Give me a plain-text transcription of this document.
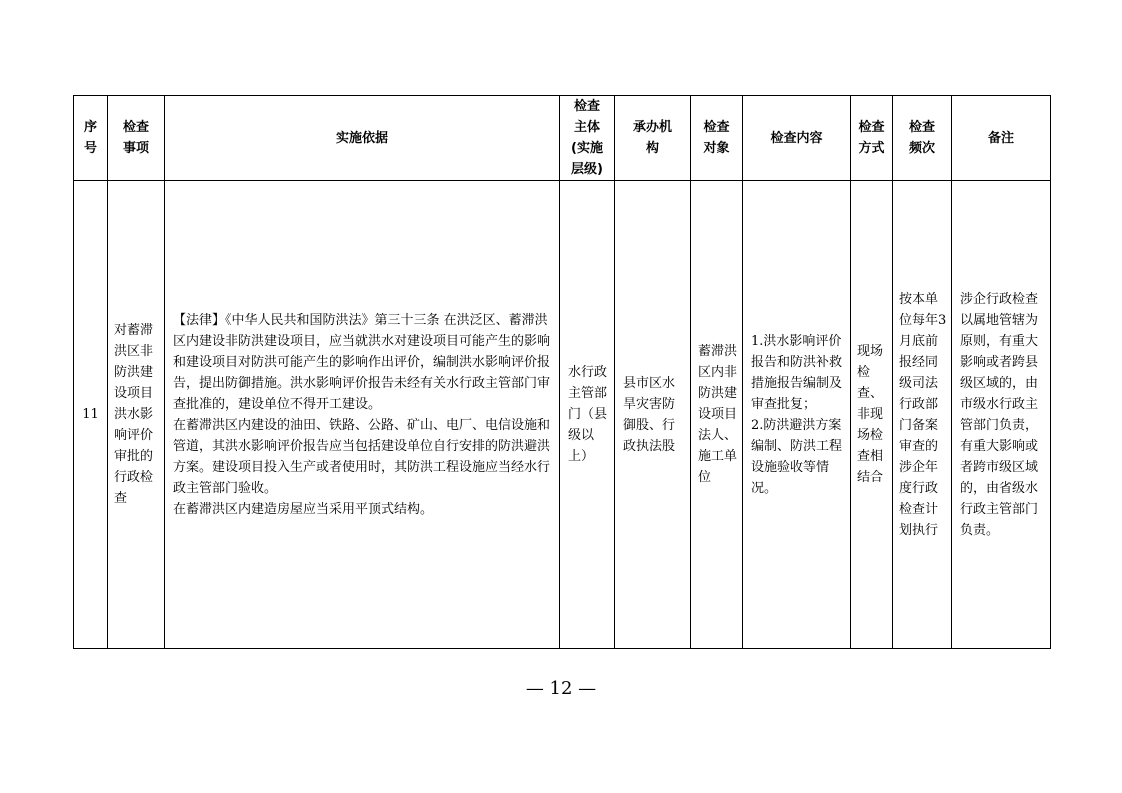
序号	检查事项	实施依据	检查主体(实施层级)	承办机构	检查对象	检查内容	检查方式	检查频次	备注

11	对蓄滞洪区非防洪建设项目洪水影响评价审批的行政检查	【法律】《中华人民共和国防洪法》第三十三条 在洪泛区、蓄滞洪区内建设非防洪建设项目，应当就洪水对建设项目可能产生的影响和建设项目对防洪可能产生的影响作出评价，编制洪水影响评价报告，提出防御措施。洪水影响评价报告未经有关水行政主管部门审查批准的，建设单位不得开工建设。
在蓄滞洪区内建设的油田、铁路、公路、矿山、电厂、电信设施和管道，其洪水影响评价报告应当包括建设单位自行安排的防洪避洪方案。建设项目投入生产或者使用时，其防洪工程设施应当经水行政主管部门验收。
在蓄滞洪区内建造房屋应当采用平顶式结构。	水行政主管部门（县级以上）	县市区水旱灾害防御股、行政执法股	蓄滞洪区内非防洪建设项目法人、施工单位	1.洪水影响评价报告和防洪补救措施报告编制及审查批复；
2.防洪避洪方案编制、防洪工程设施验收等情况。	现场检查、非现场检查相结合	按本单位每年3月底前报经同级司法行政部门备案审查的涉企年度行政检查计划执行	涉企行政检查以属地管辖为原则，有重大影响或者跨县级区域的，由市级水行政主管部门负责，有重大影响或者跨市级区域的，由省级水行政主管部门负责。
— 12 —
